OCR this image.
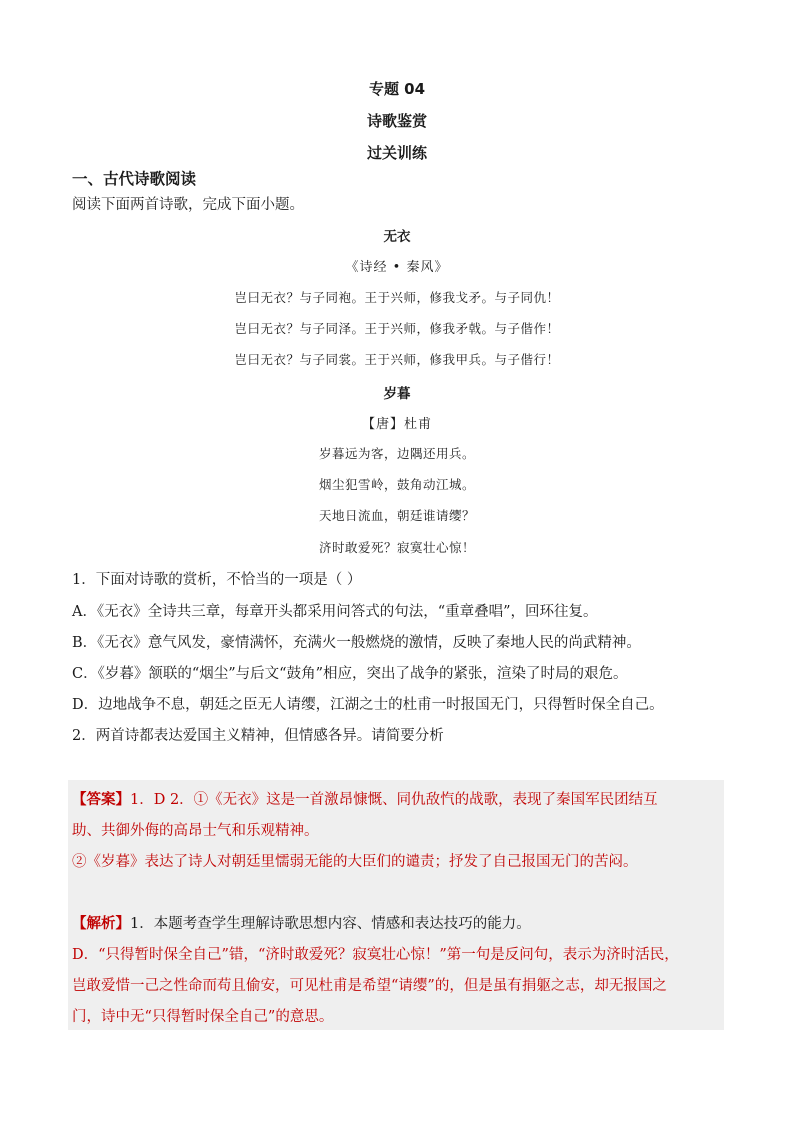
专题 04
诗歌鉴赏
过关训练
一、古代诗歌阅读
阅读下面两首诗歌，完成下面小题。
无衣
《诗经 • 秦风》
岂曰无衣？与子同袍。王于兴师，修我戈矛。与子同仇！
岂曰无衣？与子同泽。王于兴师，修我矛戟。与子偕作！
岂曰无衣？与子同裳。王于兴师，修我甲兵。与子偕行！
岁暮
【唐】杜甫
岁暮远为客，边隅还用兵。
烟尘犯雪岭，鼓角动江城。
天地日流血，朝廷谁请缨？
济时敢爱死？寂寞壮心惊！
1．下面对诗歌的赏析，不恰当的一项是（ ）
A．《无衣》全诗共三章，每章开头都采用问答式的句法，“重章叠唱”，回环往复。
B．《无衣》意气风发，豪情满怀，充满火一般燃烧的激情，反映了秦地人民的尚武精神。
C．《岁暮》颔联的“烟尘”与后文“鼓角”相应，突出了战争的紧张，渲染了时局的艰危。
D．边地战争不息，朝廷之臣无人请缨，江湖之士的杜甫一时报国无门，只得暂时保全自己。
2．两首诗都表达爱国主义精神，但情感各异。请简要分析
【答案】1．D 2．①《无衣》这是一首激昂慷慨、同仇敌忾的战歌，表现了秦国军民团结互
助、共御外侮的高昂士气和乐观精神。
②《岁暮》表达了诗人对朝廷里懦弱无能的大臣们的谴责；抒发了自己报国无门的苦闷。
【解析】1．本题考查学生理解诗歌思想内容、情感和表达技巧的能力。
D．“只得暂时保全自己”错，“济时敢爱死？寂寞壮心惊！”第一句是反问句，表示为济时活民，
岂敢爱惜一己之性命而苟且偷安，可见杜甫是希望“请缨”的，但是虽有捐躯之志，却无报国之
门，诗中无“只得暂时保全自己”的意思。
